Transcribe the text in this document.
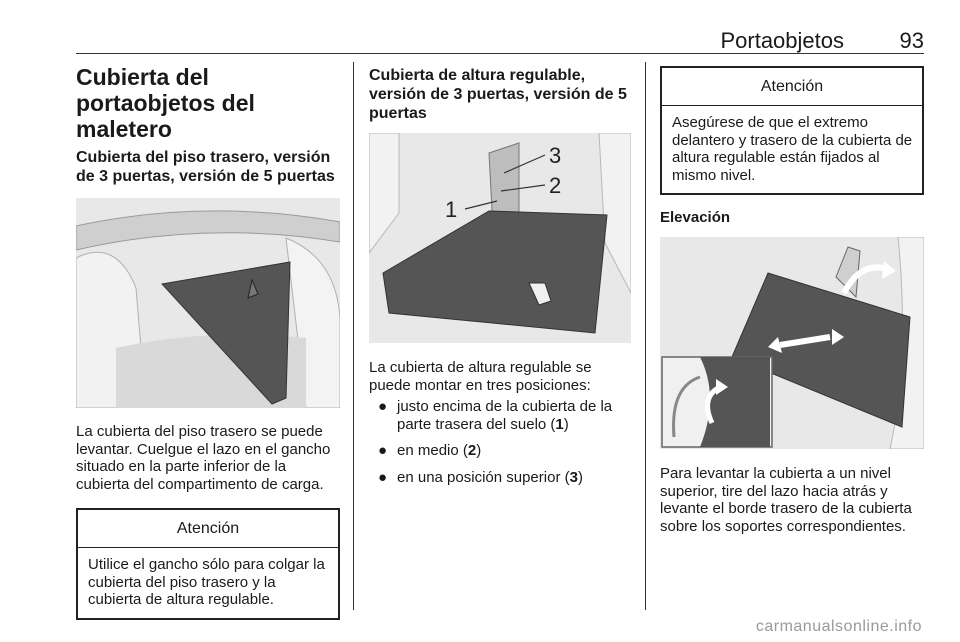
Portaobjetos	93
Cubierta del portaobjetos del maletero
Cubierta del piso trasero, versión de 3 puertas, versión de 5 puertas

La cubierta del piso trasero se puede levantar. Cuelgue el lazo en el gancho situado en la parte inferior de la cubierta del compartimento de carga.

Atención
Utilice el gancho sólo para colgar la cubierta del piso trasero y la cubierta de altura regulable.
Cubierta de altura regulable, versión de 3 puertas, versión de 5 puertas
3
2
1

La cubierta de altura regulable se puede montar en tres posiciones:

● justo encima de la cubierta de la parte trasera del suelo (1)
● en medio (2)
● en una posición superior (3)
Atención
Asegúrese de que el extremo delantero y trasero de la cubierta de altura regulable están fijados al mismo nivel.
Elevación

Para levantar la cubierta a un nivel superior, tire del lazo hacia atrás y levante el borde trasero de la cubierta sobre los soportes correspondientes.

carmanualsonline.info
